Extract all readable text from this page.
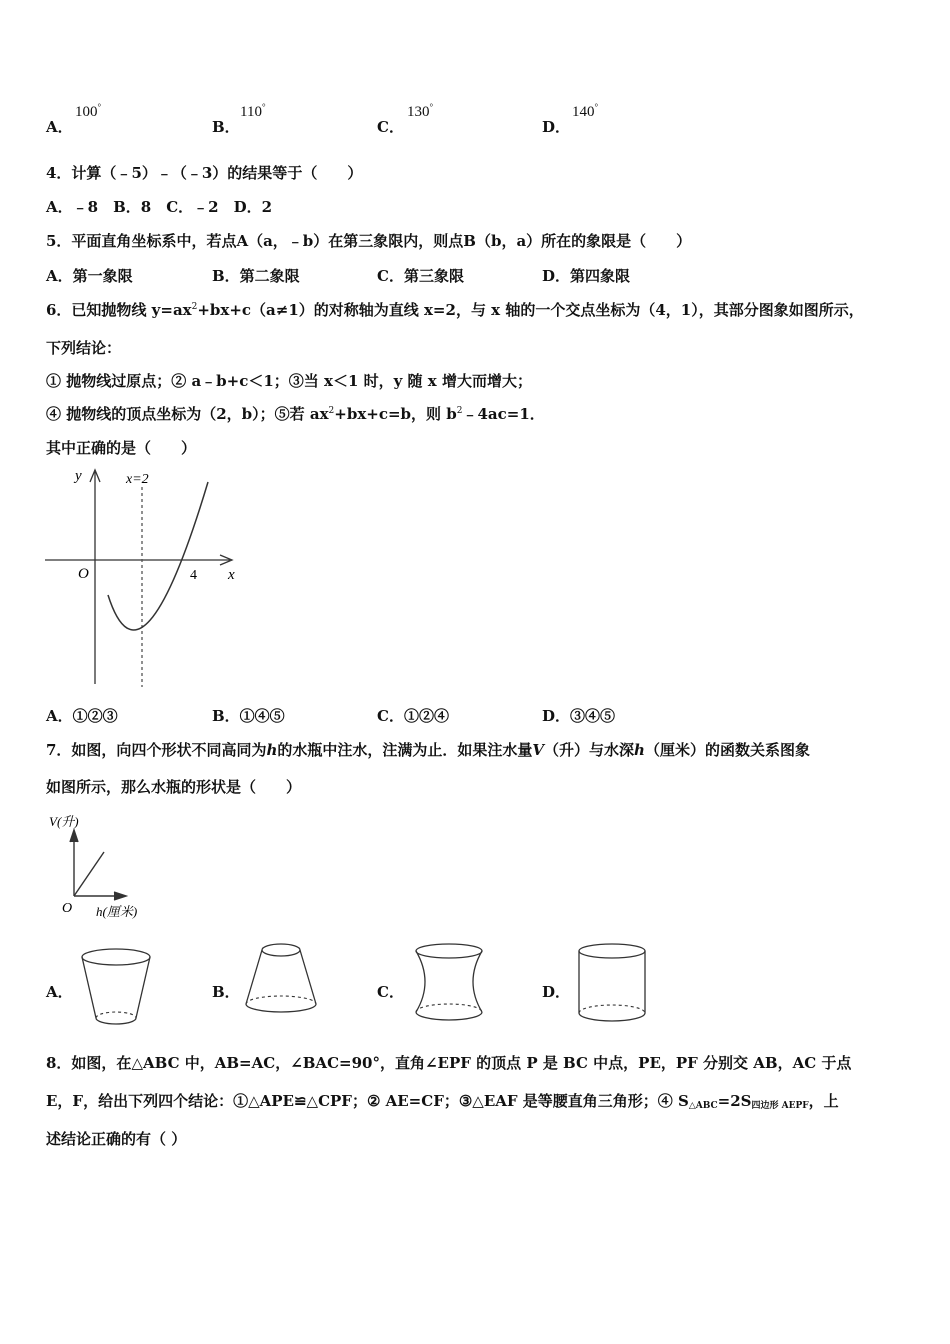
A．
100°
B．
110°
C．
130°
D．
140°
4．计算（﹣5）﹣（﹣3）的结果等于（　　）
A．﹣8　B．8　C．﹣2　D．2
5．平面直角坐标系中，若点A（a，﹣b）在第三象限内，则点B（b，a）所在的象限是（　　）
A．第一象限	B．第二象限	C．第三象限	D．第四象限
6．已知抛物线 $y=ax^2+bx+c(a\ne 1)$的对称轴为直线 x=2，与 x 轴的一个交点坐标为（4，1），其部分图象如图所示，
下列结论：
① 抛物线过原点；② a﹣b+c＜1；③当 x＜1 时，y 随 x 增大而增大；
④ 抛物线的顶点坐标为（2，b）；⑤若 $ax^2+bx+c=b$，则 $b^2﹣4ac=1$．
其中正确的是（　　）
y
x
O
x=2
4
A．①②③	B．①④⑤	C．①②④	D．③④⑤
7．如图，向四个形状不同高同为h的水瓶中注水，注满为止．如果注水量V（升）与水深h（厘米）的函数关系图象
如图所示，那么水瓶的形状是（　　）
V(升)
h(厘米)
O
A．	B．	C．	D．
8．如图，在△ABC 中，AB=AC，∠BAC=90°，直角∠EPF 的顶点 P 是 BC 中点，PE，PF 分别交 AB，AC 于点
E，F，给出下列四个结论：①△APE≌△CPF；② AE=CF；③△EAF 是等腰直角三角形；④ $S_{\triangle ABC}=2S_{四边形 AEPF}$，上
述结论正确的有（ ）
